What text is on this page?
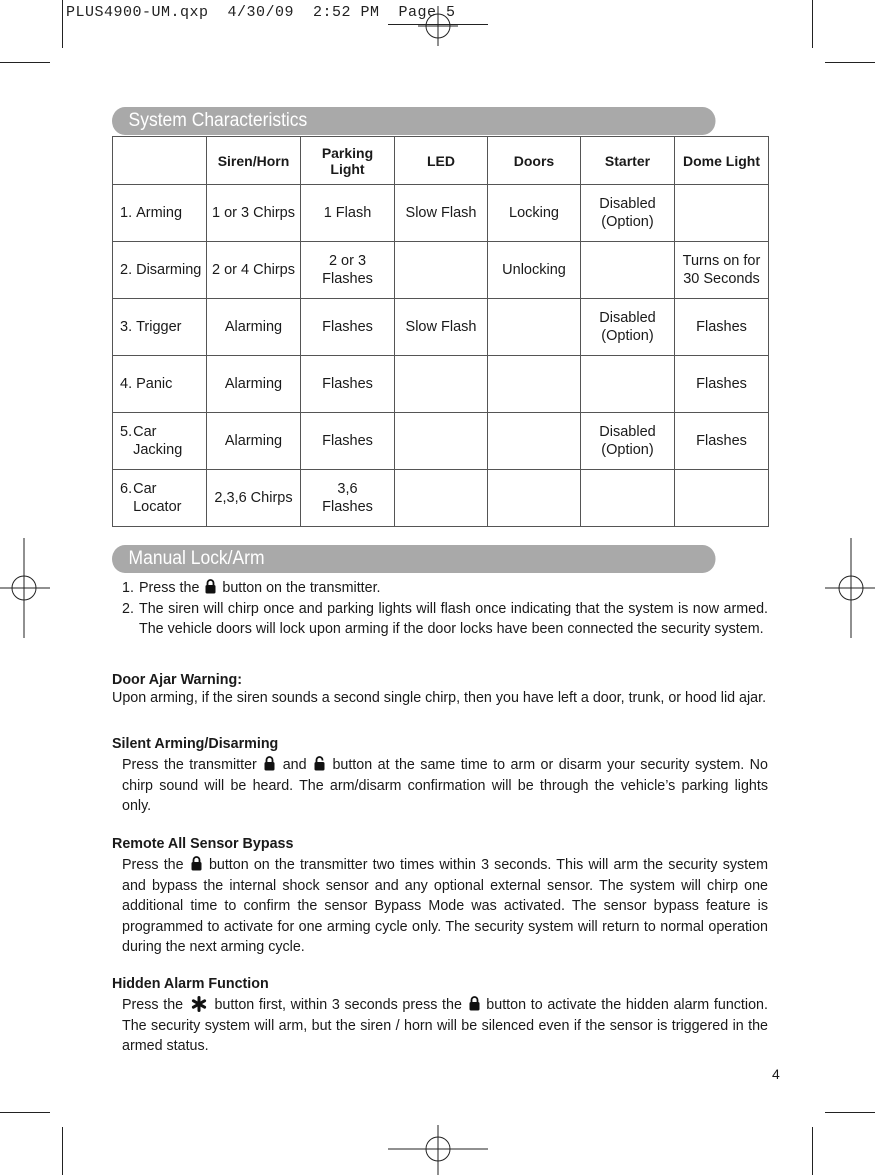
PLUS4900-UM.qxp  4/30/09  2:52 PM  Page 5
System Characteristics
	Siren/Horn	Parking Light	LED	Doors	Starter	Dome Light

1. Arming	1 or 3 Chirps	1 Flash	Slow Flash	Locking	Disabled (Option)	

2. Disarming	2 or 4 Chirps	2 or 3 Flashes		Unlocking		Turns on for 30 Seconds

3. Trigger	Alarming	Flashes	Slow Flash		Disabled (Option)	Flashes

4. Panic	Alarming	Flashes				Flashes

5. Car Jacking	Alarming	Flashes			Disabled (Option)	Flashes

6. Car Locator	2,3,6 Chirps	3,6 Flashes				

Manual Lock/Arm
1. Press the button on the transmitter.
2. The siren will chirp once and parking lights will flash once indicating that the system is now armed. The vehicle doors will lock upon arming if the door locks have been connected the security system.
Door Ajar Warning:
Upon arming, if the siren sounds a second single chirp, then you have left a door, trunk, or hood lid ajar.
Silent Arming/Disarming
Press the transmitter and button at the same time to arm or disarm your security system. No chirp sound will be heard. The arm/disarm confirmation will be through the vehicle’s parking lights only.
Remote All Sensor Bypass
Press the button on the transmitter two times within 3 seconds. This will arm the security system and bypass the internal shock sensor and any optional external sensor. The system will chirp one additional time to confirm the sensor Bypass Mode was activated. The sensor bypass feature is programmed to activate for one arming cycle only. The security system will return to normal operation during the next arming cycle.
Hidden Alarm Function
Press the button first, within 3 seconds press the button to activate the hidden alarm function. The security system will arm, but the siren / horn will be silenced even if the sensor is triggered in the armed status.
4
